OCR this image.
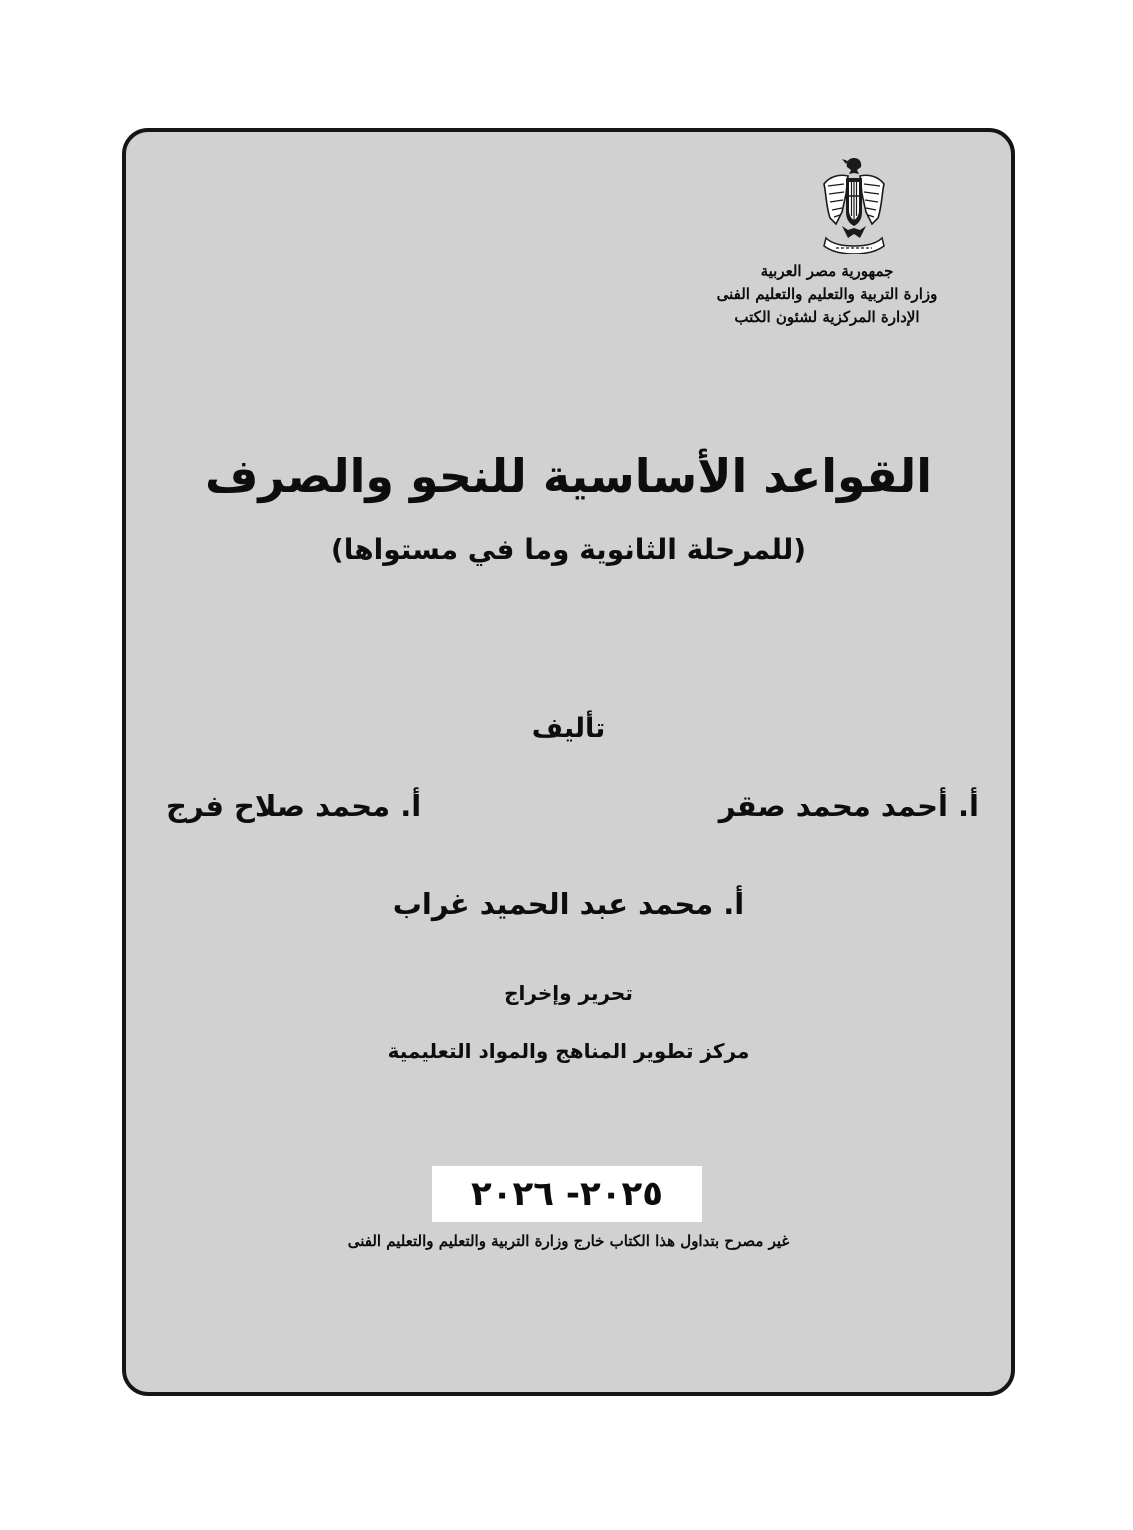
جمهورية مصر العربية
وزارة التربية والتعليم والتعليم الفنى
الإدارة المركزية لشئون الكتب
القواعد الأساسية للنحو والصرف
(للمرحلة الثانوية وما في مستواها)
تأليف
أ. أحمد محمد صقر
أ. محمد صلاح فرج
أ. محمد عبد الحميد غراب
تحرير وإخراج
مركز تطوير المناهج والمواد التعليمية
٢٠٢٥- ٢٠٢٦
غير مصرح بتداول هذا الكتاب خارج وزارة التربية والتعليم والتعليم الفنى
